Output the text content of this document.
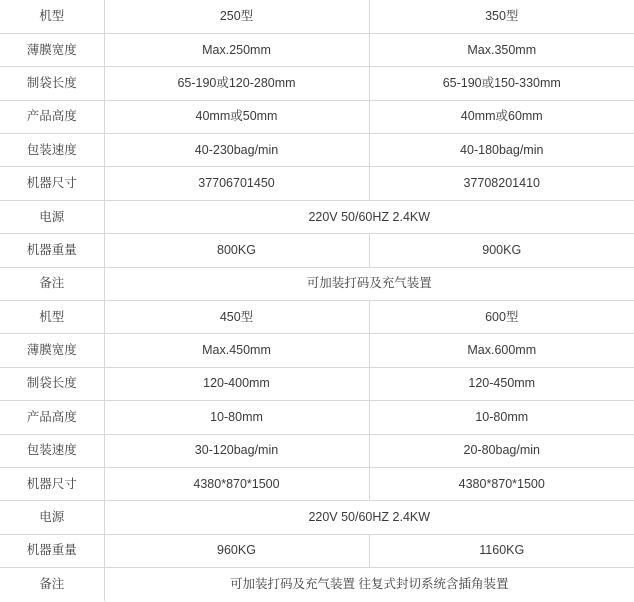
机型	250型	350型
薄膜宽度	Max.250mm	Max.350mm
制袋长度	65-190或120-280mm	65-190或150-330mm
产品高度	40mm或50mm	40mm或60mm
包装速度	40-230bag/min	40-180bag/min
机器尺寸	37706701450	37708201410
电源	220V 50/60HZ 2.4KW	
机器重量	800KG	900KG
备注	可加装打码及充气装置	
机型	450型	600型
薄膜宽度	Max.450mm	Max.600mm
制袋长度	120-400mm	120-450mm
产品高度	10-80mm	10-80mm
包装速度	30-120bag/min	20-80bag/min
机器尺寸	4380*870*1500	4380*870*1500
电源	220V 50/60HZ 2.4KW	
机器重量	960KG	1160KG
备注	可加装打码及充气装置 往复式封切系统含插角装置	
